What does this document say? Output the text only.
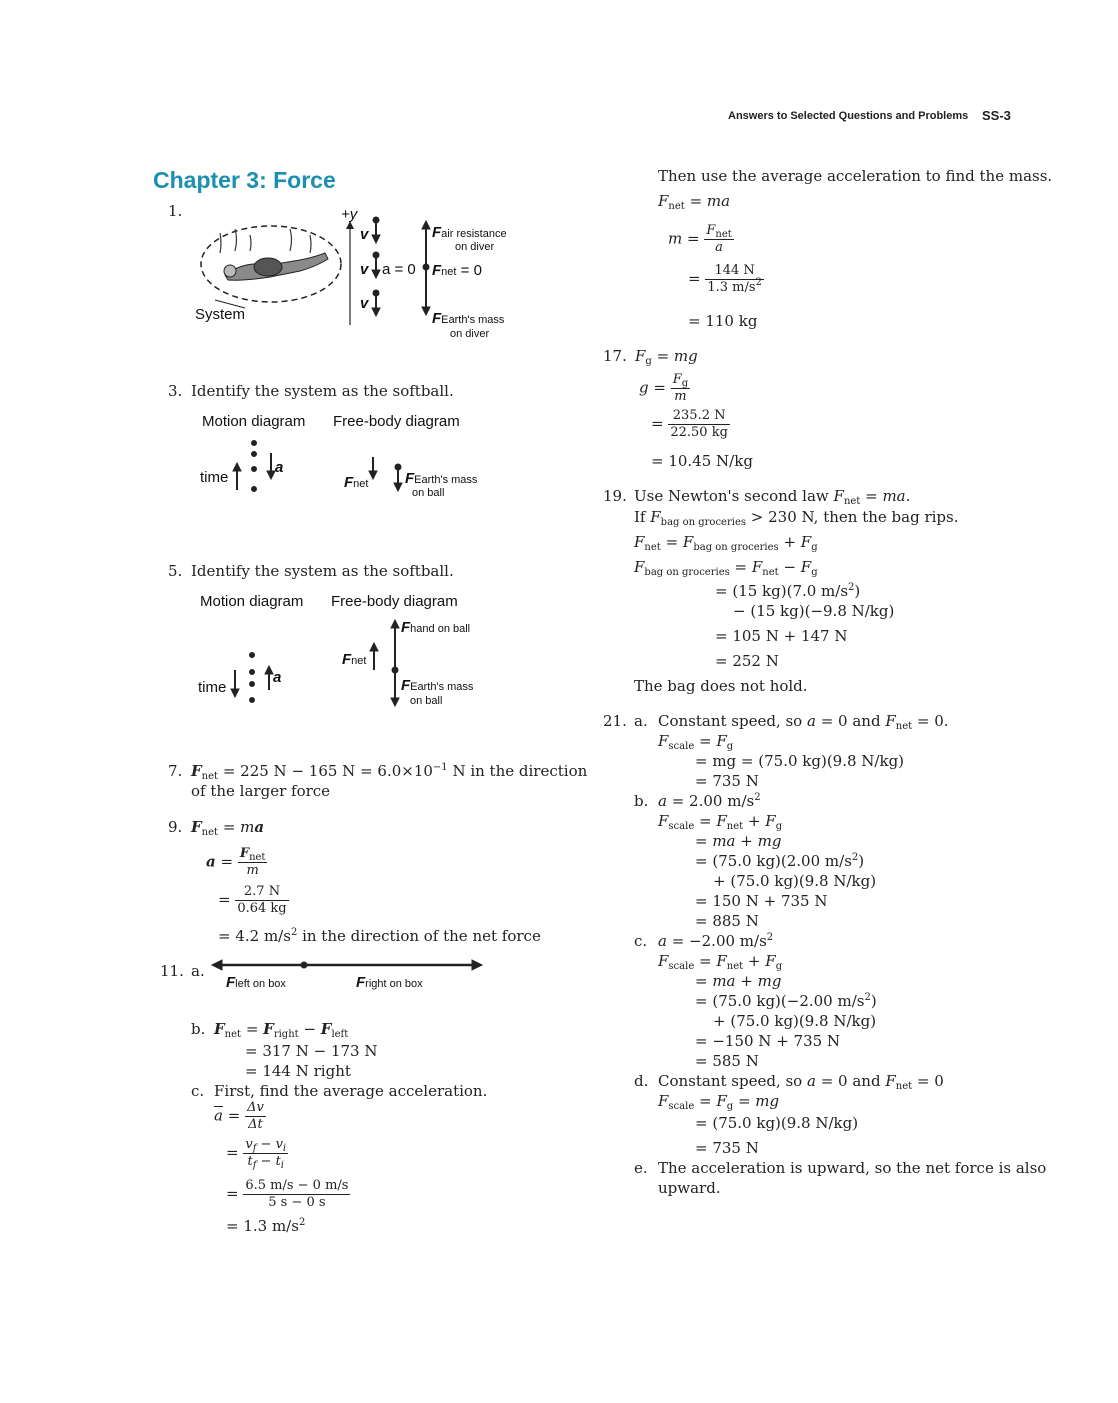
Answers to Selected Questions and Problems SS-3
Chapter 3: Force
1.	+y
v
v
v
a = 0
Fair resistance
on diver
Fnet = 0
FEarth's mass
on diver
System
3. Identify the system as the softball.
Motion diagram Free-body diagram
time
a
Fnet FEarth's mass
on ball
5. Identify the system as the softball.
Motion diagram Free-body diagram
Fhand on ball
Fnet
time
a	FEarth's mass
on ball
7. $F_{net} = 225$ N − 165 $N = 6.0\times 10^{-1}$ N in the direction
of the larger force
9. $F_{net}$ = ma
$a = \frac{F_{net}}{m}$
= $\frac{2.7 N}{0.64 kg}$
= 4.2 $m/s^2$ in the direction of the net force
11. a.
Fleft on box	Fright on box
b. $F_{net} = F_{right} - F_{left}$
= 317 N − 173 N
= 144 N right
c. First, find the average acceleration.
$\overline{a} = \frac{\Delta v}{\Delta t}$
= $\frac{v_f - v_i}{t_f - t_i}$
= $\frac{6.5 m/s - 0 m/s}{5 s - 0 s}$
= 1.3 $m/s^2$
Then use the average acceleration to find the mass.
$F_{net}$ = ma
$m = \frac{F_{net}}{a}$
= $\frac{144 N}{1.3 m/s^2}$
= 110 kg
17. $F_g$ = mg
$g = \frac{F_g}{m}$
= $\frac{235.2 N}{22.50 kg}$
= 10.45 N/kg
19. Use Newton's second law $F_{net}$ = ma.
If $F_{bag on groceries} > 230$ N, then the bag rips.
$F_{net} = F_{bag on groceries} + F_g$
$F_{bag on groceries} = F_{net} - F_g$
= (15 kg)(7.0 $m/s^2$)
− (15 kg)(−9.8 N/kg)
= 105 N + 147 N
= 252 N
The bag does not hold.
21. a. Constant speed, so a = 0 and $F_{net} = 0$.
$F_{scale} = F_g$
= mg = (75.0 kg)(9.8 N/kg)
= 735 N
b. a = 2.00 $m/s^2$
$F_{scale} = F_{net} + F_g$
= ma + mg
= (75.0 kg)(2.00 $m/s^2$)
+ (75.0 kg)(9.8 N/kg)
= 150 N + 735 N
= 885 N
c. a = −2.00 $m/s^2$
$F_{scale} = F_{net} + F_g$
= ma + mg
= (75.0 kg)(−2.00 $m/s^2$)
+ (75.0 kg)(9.8 N/kg)
= −150 N + 735 N
= 585 N
d. Constant speed, so a = 0 and $F_{net} = 0$
$F_{scale} = F_g$ = mg
= (75.0 kg)(9.8 N/kg)
= 735 N
e. The acceleration is upward, so the net force is also
upward.
